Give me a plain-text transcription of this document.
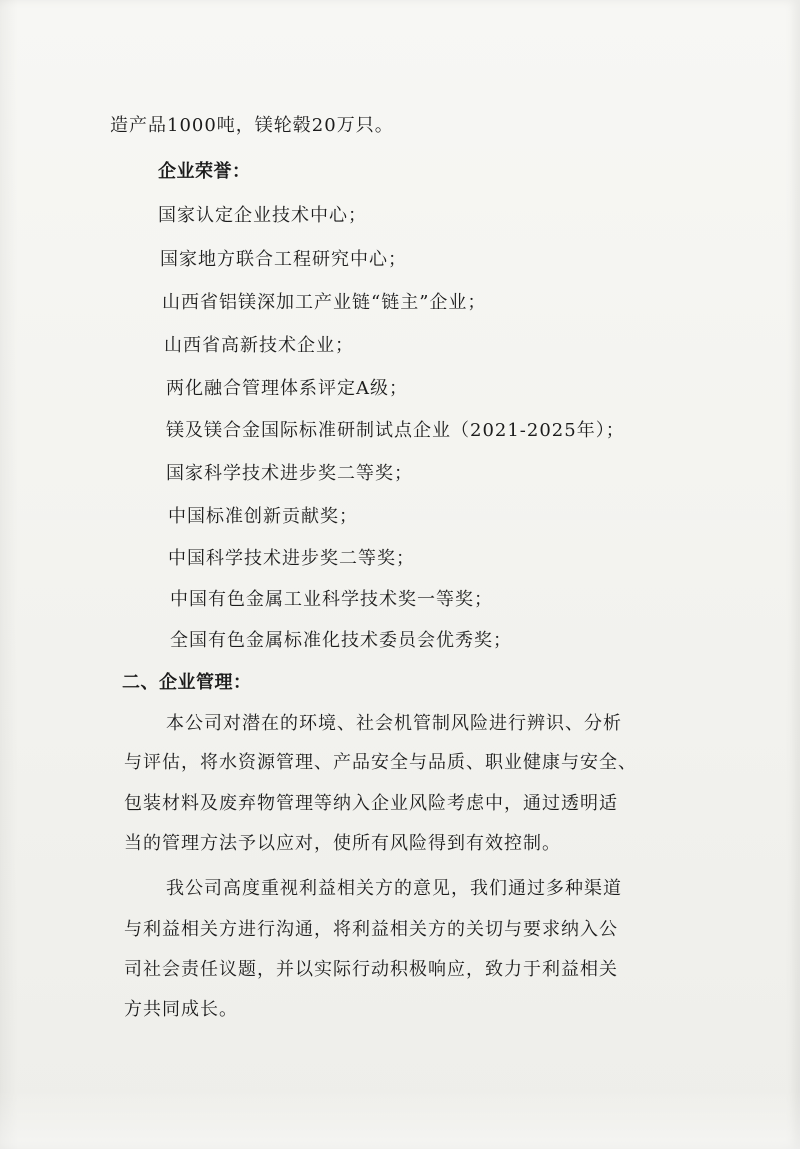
造产品1000吨，镁轮毂20万只。
企业荣誉：
国家认定企业技术中心；
国家地方联合工程研究中心；
山西省铝镁深加工产业链“链主”企业；
山西省高新技术企业；
两化融合管理体系评定A级；
镁及镁合金国际标准研制试点企业（2021-2025年）；
国家科学技术进步奖二等奖；
中国标准创新贡献奖；
中国科学技术进步奖二等奖；
中国有色金属工业科学技术奖一等奖；
全国有色金属标准化技术委员会优秀奖；
二、企业管理：
本公司对潜在的环境、社会机管制风险进行辨识、分析
与评估，将水资源管理、产品安全与品质、职业健康与安全、
包装材料及废弃物管理等纳入企业风险考虑中，通过透明适
当的管理方法予以应对，使所有风险得到有效控制。
我公司高度重视利益相关方的意见，我们通过多种渠道
与利益相关方进行沟通，将利益相关方的关切与要求纳入公
司社会责任议题，并以实际行动积极响应，致力于利益相关
方共同成长。
